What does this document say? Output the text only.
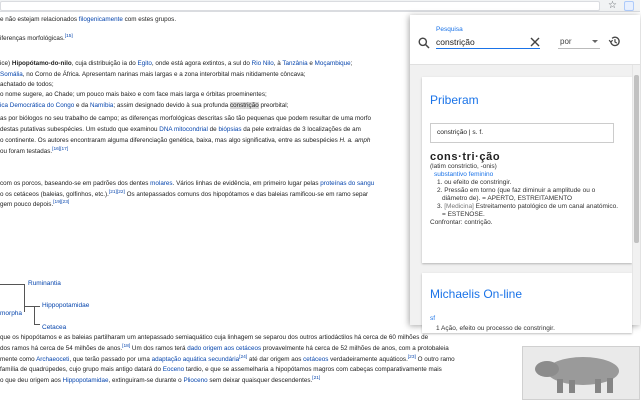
☆
e não estejam relacionados filogenicamente com estes grupos.
iferenças morfológicas.[15]
ice) Hipopótamo-do-nilo, cuja distribuição ia do Egito, onde está agora extintos, a sul do Rio Nilo, à Tanzânia e Moçambique;
Somália, no Corno de África. Apresentam narinas mais largas e a zona interorbital mais nitidamente côncava;
achatado de todos;
o nome sugere, ao Chade; um pouco mais baixo e com face mais larga e órbitas proeminentes;
ica Democrática do Congo e da Namíbia; assim designado devido à sua profunda constrição preorbital;
as por biólogos no seu trabalho de campo; as diferenças morfológicas descritas são tão pequenas que podem resultar de uma morfo
destas putativas subespécies. Um estudo que examinou DNA mitocondrial de biópsias da pele extraídas de 3 localizações de am
o continente. Os autores encontraram alguma diferenciação genética, baixa, mas algo significativa, entre as subespécies H. a. amph
ou foram testadas.[16][17]
com os porcos, baseando-se em padrões dos dentes molares. Vários linhas de evidência, em primeiro lugar pelas proteínas do sangu
o os cetáceos (baleias, golfinhos, etc.).[21][22] Os antepassados comuns dos hipopótamos e das baleias ramificou-se em ramo separ
gem pouco depois.[19][23]
que os hipopótamos e as baleias partilharam um antepassado semiaquático cuja linhagem se separou dos outros artiodáctilos há cerca de 60 milhões de
dos ramos há cerca de 54 milhões de anos.[18] Um dos ramos terá dado origem aos cetáceos provavelmente há cerca de 52 milhões de anos, com a protobaleia
mente como Archaeoceti, que terão passado por uma adaptação aquática secundária[24] até dar origem aos cetáceos verdadeiramente aquáticos.[23] O outro ramo
família de quadrúpedes, cujo grupo mais antigo datará do Eoceno tardio, e que se assemelharia a hipopótamos magros com cabeças comparativamente mais
o que deu origem aos Hippopotamidae, extinguiram-se durante o Plioceno sem deixar quaisquer descendentes.[21]
Ruminantia
morpha
Hippopotamidae
Cetacea
Pesquisa
constrição
por
Priberam
constrição | s. f.
cons·tri·ção
(latim constrictio, -onis)
substantivo feminino
1. ou efeito de constringir.
2. Pressão em torno (que faz diminuir a amplitude ou o diâmetro de). = APERTO, ESTREITAMENTO
3. [Medicina] Estreitamento patológico de um canal anatómico. = ESTENOSE.
Confrontar: contrição.
Michaelis On-line
sf
1 Ação, efeito ou processo de constringir.
